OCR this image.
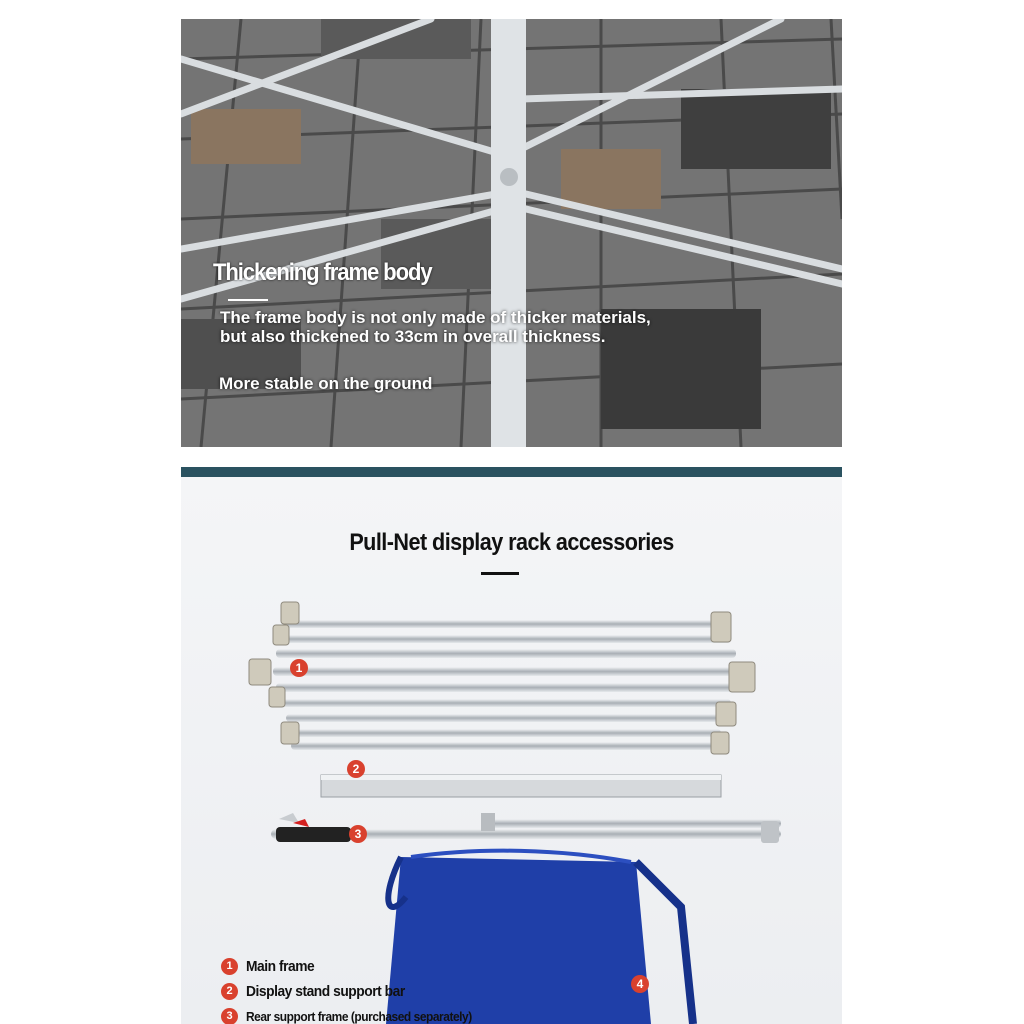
Thickening frame body
The frame body is not only made of thicker materials, but also thickened to 33cm in overall thickness.
More stable on the ground
Pull-Net display rack accessories
1
2
3
4
1 Main frame
2 Display stand support bar
3	Rear support frame (purchased separately)
